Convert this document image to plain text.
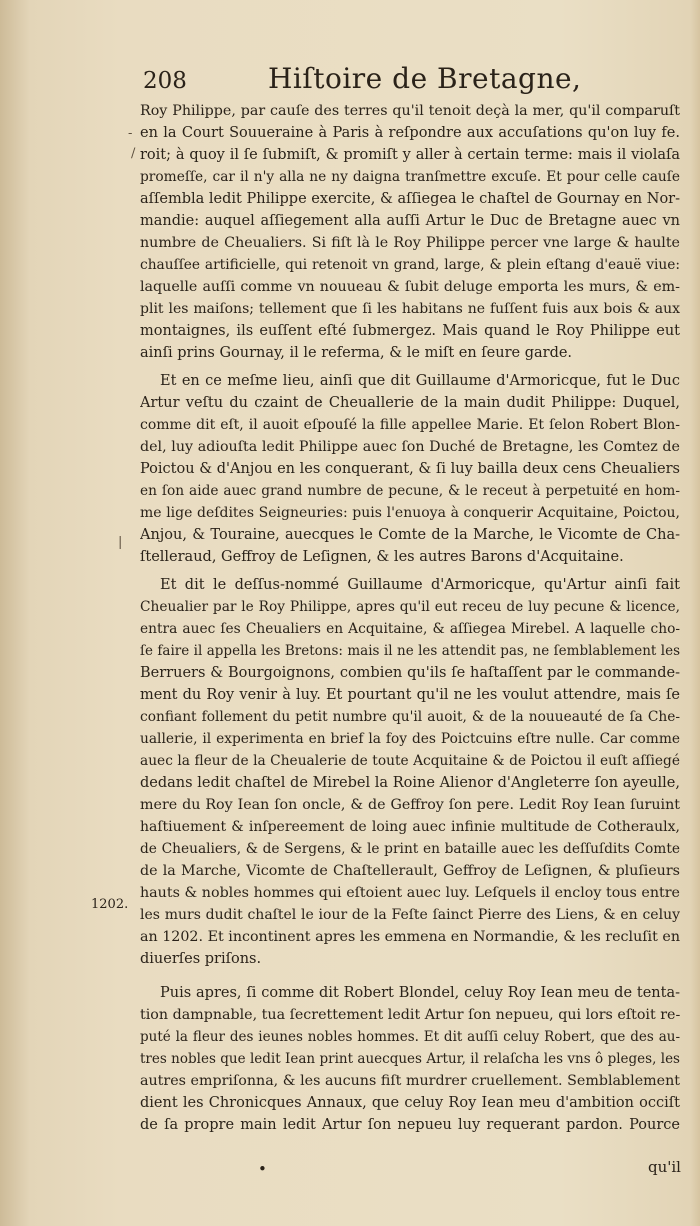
208	Hiſtoire de Bretagne,
-
/
|
Roy Philippe, par cauſe des terres qu'il tenoit deçà la mer, qu'il comparuſt
en la Court Souueraine à Paris à reſpondre aux accuſations qu'on luy fe.
roit; à quoy il ſe ſubmiſt, & promiſt y aller à certain terme: mais il violaſa
promeſſe, car il n'y alla ne ny daigna tranſmettre excuſe. Et pour celle cauſe
aſſembla ledit Philippe exercite, & aſſiegea le chaſtel de Gournay en Nor-
mandie: auquel aſſiegement alla auſſi Artur le Duc de Bretagne auec vn
numbre de Cheualiers. Si fiſt là le Roy Philippe percer vne large & haulte
chauſſee artificielle, qui retenoit vn grand, large, & plein eſtang d'eauë viue:
laquelle auſſi comme vn nouueau & ſubit deluge emporta les murs, & em-
plit les maiſons; tellement que ſi les habitans ne fuſſent fuis aux bois & aux
montaignes, ils euſſent eſté ſubmergez. Mais quand le Roy Philippe eut
ainſi prins Gournay, il le referma, & le miſt en ſeure garde.
Et en ce meſme lieu, ainſi que dit Guillaume d'Armoricque, fut le Duc
Artur veſtu du czaint de Cheuallerie de la main dudit Philippe: Duquel,
comme dit eſt, il auoit eſpouſé la fille appellee Marie. Et ſelon Robert Blon-
del, luy adiouſta ledit Philippe auec ſon Duché de Bretagne, les Comtez de
Poictou & d'Anjou en les conquerant, & ſi luy bailla deux cens Cheualiers
en ſon aide auec grand numbre de pecune, & le receut à perpetuité en hom-
me lige deſdites Seigneuries: puis l'enuoya à conquerir Acquitaine, Poictou,
Anjou, & Touraine, auecques le Comte de la Marche, le Vicomte de Cha-
ſtelleraud, Geffroy de Leſignen, & les autres Barons d'Acquitaine.
Et dit le deſſus-nommé Guillaume d'Armoricque, qu'Artur ainſi fait
Cheualier par le Roy Philippe, apres qu'il eut receu de luy pecune & licence,
entra auec ſes Cheualiers en Acquitaine, & aſſiegea Mirebel. A laquelle cho-
ſe faire il appella les Bretons: mais il ne les attendit pas, ne ſemblablement les
Berruers & Bourgoignons, combien qu'ils ſe haſtaſſent par le commande-
ment du Roy venir à luy. Et pourtant qu'il ne les voulut attendre, mais ſe
confiant follement du petit numbre qu'il auoit, & de la nouueauté de ſa Che-
uallerie, il experimenta en brief la foy des Poictcuins eſtre nulle. Car comme
auec la fleur de la Cheualerie de toute Acquitaine & de Poictou il euſt aſſiegé
dedans ledit chaſtel de Mirebel la Roine Alienor d'Angleterre ſon ayeulle,
mere du Roy Iean ſon oncle, & de Geffroy ſon pere. Ledit Roy Iean ſuruint
haſtiuement & inſpereement de loing auec infinie multitude de Cotheraulx,
de Cheualiers, & de Sergens, & le print en bataille auec les deſſuſdits Comte
de la Marche, Vicomte de Chaſtellerault, Geffroy de Leſignen, & pluſieurs
hauts & nobles hommes qui eſtoient auec luy. Leſquels il encloy tous entre
les murs dudit chaſtel le iour de la Feſte ſainct Pierre des Liens, & en celuy
an 1202. Et incontinent apres les emmena en Normandie, & les recluſit en
diuerſes priſons.
Puis apres, ſi comme dit Robert Blondel, celuy Roy Iean meu de tenta-
tion dampnable, tua ſecrettement ledit Artur ſon nepueu, qui lors eſtoit re-
puté la fleur des ieunes nobles hommes. Et dit auſſi celuy Robert, que des au-
tres nobles que ledit Iean print auecques Artur, il relaſcha les vns ô pleges, les
autres empriſonna, & les aucuns fiſt murdrer cruellement. Semblablement
dient les Chronicques Annaux, que celuy Roy Iean meu d'ambition occiſt
de ſa propre main ledit Artur ſon nepueu luy requerant pardon. Pource
1202.
•	qu'il
